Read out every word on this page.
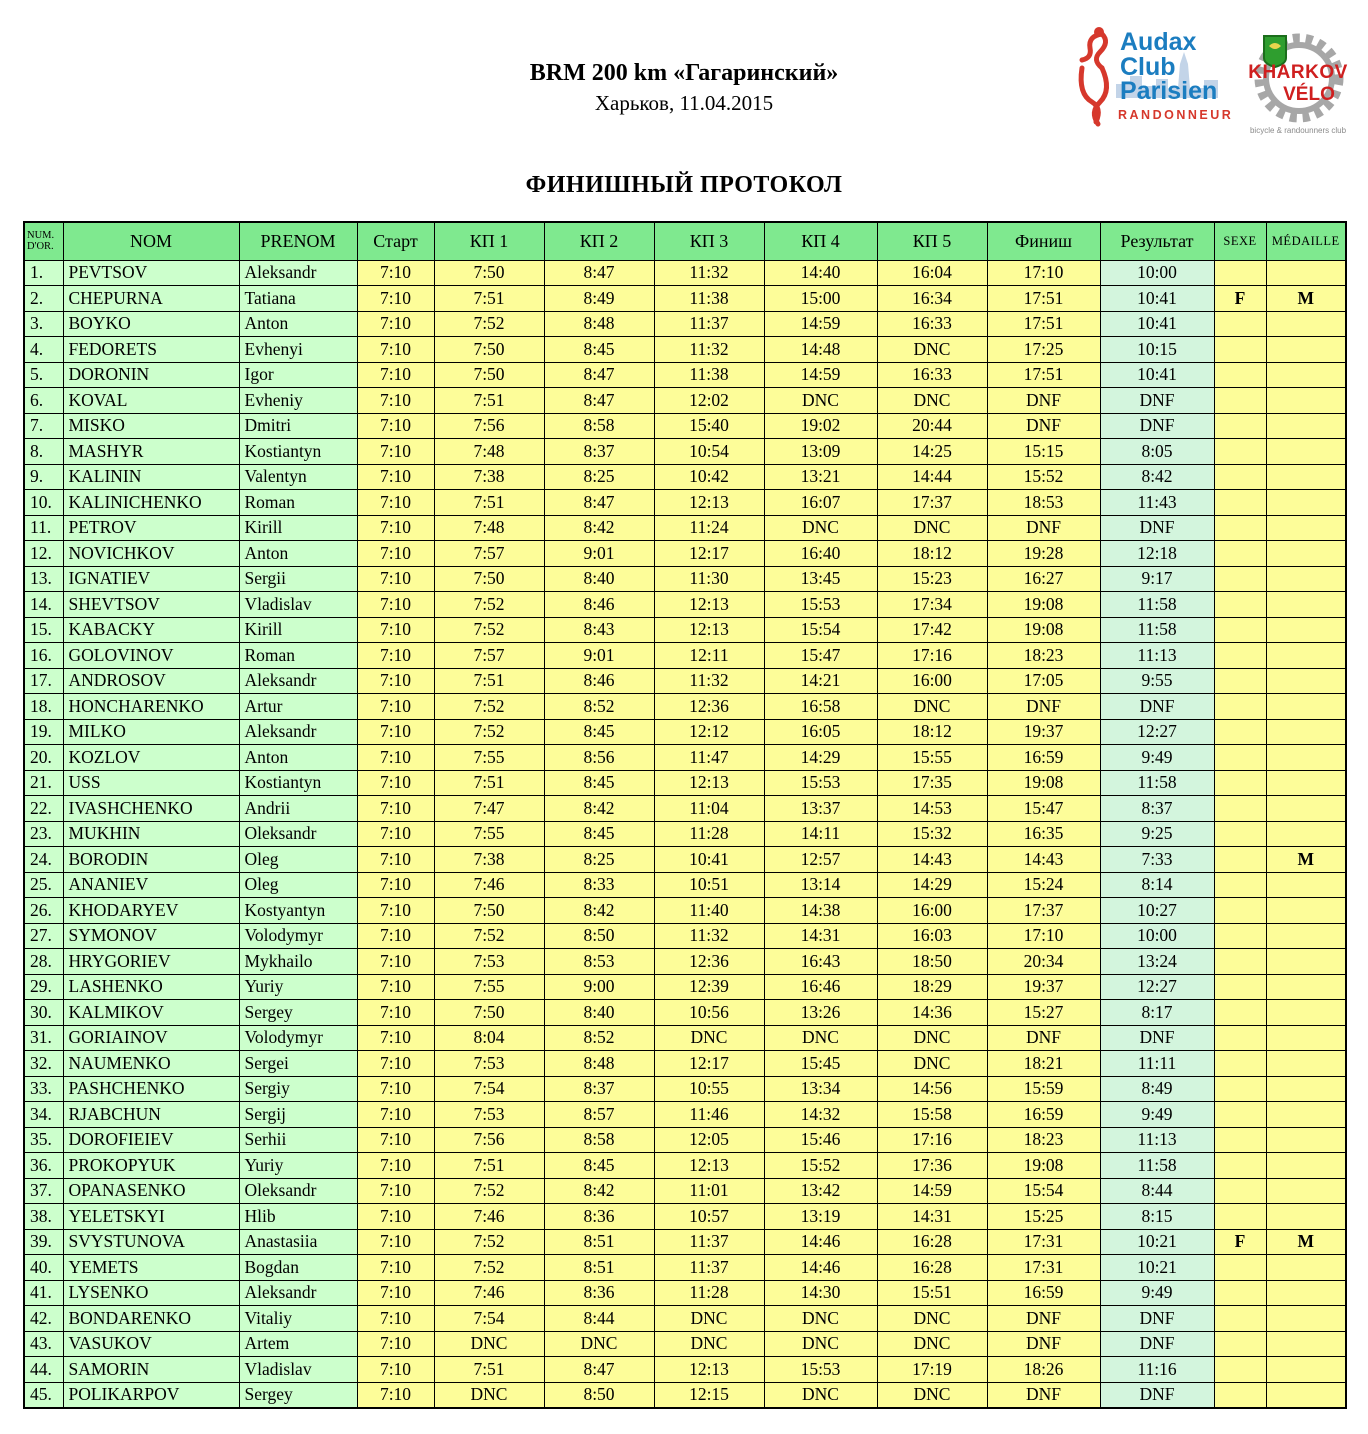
Audax
Club
Parisien
RANDONNEUR
KHARKOV
VÉLO
bicycle & randounners club
BRM 200 km «Гагаринский»
Харьков, 11.04.2015
ФИНИШНЫЙ ПРОТОКОЛ
NUM.
D'OR.	NOM	PRENOM	Старт	КП 1	КП 2	КП 3	КП 4	КП 5	Финиш	Результат	SEXE	MÉDAILLE
1.	PEVTSOV	Aleksandr	7:10	7:50	8:47	11:32	14:40	16:04	17:10	10:00		
2.	CHEPURNA	Tatiana	7:10	7:51	8:49	11:38	15:00	16:34	17:51	10:41	F	M
3.	BOYKO	Anton	7:10	7:52	8:48	11:37	14:59	16:33	17:51	10:41		
4.	FEDORETS	Evhenyi	7:10	7:50	8:45	11:32	14:48	DNC	17:25	10:15		
5.	DORONIN	Igor	7:10	7:50	8:47	11:38	14:59	16:33	17:51	10:41		
6.	KOVAL	Evheniy	7:10	7:51	8:47	12:02	DNC	DNC	DNF	DNF		
7.	MISKO	Dmitri	7:10	7:56	8:58	15:40	19:02	20:44	DNF	DNF		
8.	MASHYR	Kostiantyn	7:10	7:48	8:37	10:54	13:09	14:25	15:15	8:05		
9.	KALININ	Valentyn	7:10	7:38	8:25	10:42	13:21	14:44	15:52	8:42		
10.	KALINICHENKO	Roman	7:10	7:51	8:47	12:13	16:07	17:37	18:53	11:43		
11.	PETROV	Kirill	7:10	7:48	8:42	11:24	DNC	DNC	DNF	DNF		
12.	NOVICHKOV	Anton	7:10	7:57	9:01	12:17	16:40	18:12	19:28	12:18		
13.	IGNATIEV	Sergii	7:10	7:50	8:40	11:30	13:45	15:23	16:27	9:17		
14.	SHEVTSOV	Vladislav	7:10	7:52	8:46	12:13	15:53	17:34	19:08	11:58		
15.	KABACKY	Kirill	7:10	7:52	8:43	12:13	15:54	17:42	19:08	11:58		
16.	GOLOVINOV	Roman	7:10	7:57	9:01	12:11	15:47	17:16	18:23	11:13		
17.	ANDROSOV	Aleksandr	7:10	7:51	8:46	11:32	14:21	16:00	17:05	9:55		
18.	HONCHARENKO	Artur	7:10	7:52	8:52	12:36	16:58	DNC	DNF	DNF		
19.	MILKO	Aleksandr	7:10	7:52	8:45	12:12	16:05	18:12	19:37	12:27		
20.	KOZLOV	Anton	7:10	7:55	8:56	11:47	14:29	15:55	16:59	9:49		
21.	USS	Kostiantyn	7:10	7:51	8:45	12:13	15:53	17:35	19:08	11:58		
22.	IVASHCHENKO	Andrii	7:10	7:47	8:42	11:04	13:37	14:53	15:47	8:37		
23.	MUKHIN	Oleksandr	7:10	7:55	8:45	11:28	14:11	15:32	16:35	9:25		
24.	BORODIN	Oleg	7:10	7:38	8:25	10:41	12:57	14:43	14:43	7:33		M
25.	ANANIEV	Oleg	7:10	7:46	8:33	10:51	13:14	14:29	15:24	8:14		
26.	KHODARYEV	Kostyantyn	7:10	7:50	8:42	11:40	14:38	16:00	17:37	10:27		
27.	SYMONOV	Volodymyr	7:10	7:52	8:50	11:32	14:31	16:03	17:10	10:00		
28.	HRYGORIEV	Mykhailo	7:10	7:53	8:53	12:36	16:43	18:50	20:34	13:24		
29.	LASHENKO	Yuriy	7:10	7:55	9:00	12:39	16:46	18:29	19:37	12:27		
30.	KALMIKOV	Sergey	7:10	7:50	8:40	10:56	13:26	14:36	15:27	8:17		
31.	GORIAINOV	Volodymyr	7:10	8:04	8:52	DNC	DNC	DNC	DNF	DNF		
32.	NAUMENKO	Sergei	7:10	7:53	8:48	12:17	15:45	DNC	18:21	11:11		
33.	PASHCHENKO	Sergiy	7:10	7:54	8:37	10:55	13:34	14:56	15:59	8:49		
34.	RJABCHUN	Sergij	7:10	7:53	8:57	11:46	14:32	15:58	16:59	9:49		
35.	DOROFIEIEV	Serhii	7:10	7:56	8:58	12:05	15:46	17:16	18:23	11:13		
36.	PROKOPYUK	Yuriy	7:10	7:51	8:45	12:13	15:52	17:36	19:08	11:58		
37.	OPANASENKO	Oleksandr	7:10	7:52	8:42	11:01	13:42	14:59	15:54	8:44		
38.	YELETSKYI	Hlib	7:10	7:46	8:36	10:57	13:19	14:31	15:25	8:15		
39.	SVYSTUNOVA	Anastasiia	7:10	7:52	8:51	11:37	14:46	16:28	17:31	10:21	F	M
40.	YEMETS	Bogdan	7:10	7:52	8:51	11:37	14:46	16:28	17:31	10:21		
41.	LYSENKO	Aleksandr	7:10	7:46	8:36	11:28	14:30	15:51	16:59	9:49		
42.	BONDARENKO	Vitaliy	7:10	7:54	8:44	DNC	DNC	DNC	DNF	DNF		
43.	VASUKOV	Artem	7:10	DNC	DNC	DNC	DNC	DNC	DNF	DNF		
44.	SAMORIN	Vladislav	7:10	7:51	8:47	12:13	15:53	17:19	18:26	11:16		
45.	POLIKARPOV	Sergey	7:10	DNC	8:50	12:15	DNC	DNC	DNF	DNF		
